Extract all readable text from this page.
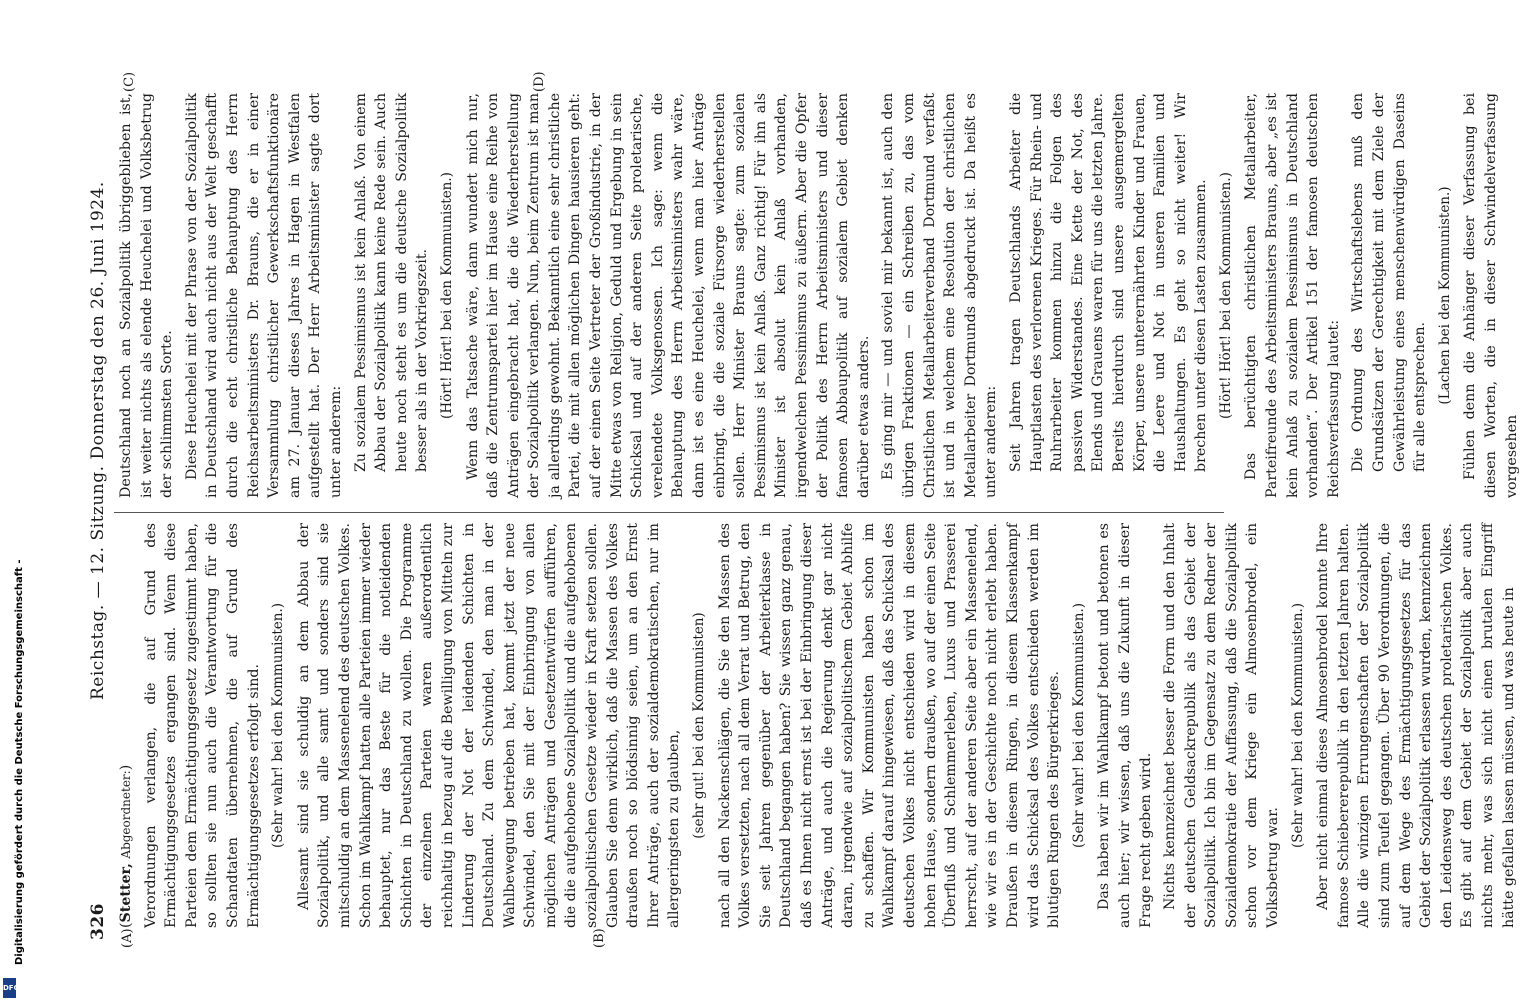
Digitalisierung gefördert durch die Deutsche Forschungsgemeinschaft -
DFG
326
Reichstag. — 12. Sitzung. Donnerstag den 26. Juni 1924.
(A)	(B)
(C)	(D)

(Stetter, Abgeordneter:) Verordnungen verlangen, die auf Grund des Ermächtigungsgesetzes ergangen sind. Wenn diese Parteien dem Ermächtigungsgesetz zugestimmt haben, so sollten sie nun auch die Verantwortung für die Schandtaten übernehmen, die auf Grund des Ermächtigungsgesetzes erfolgt sind. (Sehr wahr! bei den Kommunisten.) Allesamt sind sie schuldig an dem Abbau der Sozialpolitik, und alle samt und sonders sind sie mitschuldig an dem Massenelend des deutschen Volkes. Schon im Wahlkampf hatten alle Parteien immer wieder behauptet, nur das Beste für die notleidenden Schichten in Deutschland zu wollen. Die Programme der einzelnen Parteien waren außerordentlich reichhaltig in bezug auf die Bewilligung von Mitteln zur Linderung der Not der leidenden Schichten in Deutschland. Zu dem Schwindel, den man in der Wahlbewegung betrieben hat, kommt jetzt der neue Schwindel, den Sie mit der Einbringung von allen möglichen Anträgen und Gesetzentwürfen aufführen, die die aufgehobene Sozialpolitik und die aufgehobenen sozialpolitischen Gesetze wieder in Kraft setzen sollen. Glauben Sie denn wirklich, daß die Massen des Volkes draußen noch so blödsinnig seien, um an den Ernst Ihrer Anträge, auch der sozialdemokratischen, nur im allergeringsten zu glauben, (sehr gut! bei den Kommunisten) nach all den Nackenschlägen, die Sie den Massen des Volkes versetzten, nach all dem Verrat und Betrug, den Sie seit Jahren gegenüber der Arbeiterklasse in Deutschland begangen haben? Sie wissen ganz genau, daß es Ihnen nicht ernst ist bei der Einbringung dieser Anträge, und auch die Regierung denkt gar nicht daran, irgendwie auf sozialpolitischem Gebiet Abhilfe zu schaffen. Wir Kommunisten haben schon im Wahlkampf darauf hingewiesen, daß das Schicksal des deutschen Volkes nicht entschieden wird in diesem hohen Hause, sondern draußen, wo auf der einen Seite Überfluß und Schlemmerleben, Luxus und Prasserei herrscht, auf der anderen Seite aber ein Massenelend, wie wir es in der Geschichte noch nicht erlebt haben. Draußen in diesem Ringen, in diesem Klassenkampf wird das Schicksal des Volkes entschieden werden im blutigen Ringen des Bürgerkrieges. (Sehr wahr! bei den Kommunisten.) Das haben wir im Wahlkampf betont und betonen es auch hier; wir wissen, daß uns die Zukunft in dieser Frage recht geben wird. Nichts kennzeichnet besser die Form und den Inhalt der deutschen Geldsackrepublik als das Gebiet der Sozialpolitik. Ich bin im Gegensatz zu dem Redner der Sozialdemokratie der Auffassung, daß die Sozialpolitik schon vor dem Kriege ein Almosenbrodel, ein Volksbetrug war.

(Sehr wahr! bei den Kommunisten.) Aber nicht einmal dieses Almosenbrodel konnte Ihre famose Schiebererepublik in den letzten Jahren halten. Alle die winzigen Errungenschaften der Sozialpolitik sind zum Teufel gegangen. Über 90 Verordnungen, die auf dem Wege des Ermächtigungsgesetzes für das Gebiet der Sozialpolitik erlassen wurden, kennzeichnen den Leidensweg des deutschen proletarischen Volkes. Es gibt auf dem Gebiet der Sozialpolitik aber auch nichts mehr, was sich nicht einen brutalen Eingriff hätte gefallen lassen müssen, und was heute in

Deutschland noch an Sozialpolitik übriggeblieben ist, ist weiter nichts als elende Heuchelei und Volksbetrug der schlimmsten Sorte. Diese Heuchelei mit der Phrase von der Sozialpolitik in Deutschland wird auch nicht aus der Welt geschafft durch die echt christliche Behauptung des Herrn Reichsarbeitsministers Dr. Brauns, die er in einer Versammlung christlicher Gewerkschaftsfunktionäre am 27. Januar dieses Jahres in Hagen in Westfalen aufgestellt hat. Der Herr Arbeitsminister sagte dort unter anderem: Zu sozialem Pessimismus ist kein Anlaß. Von einem Abbau der Sozialpolitik kann keine Rede sein. Auch heute noch steht es um die deutsche Sozialpolitik besser als in der Vorkriegszeit. (Hört! Hört! bei den Kommunisten.) Wenn das Tatsache wäre, dann wundert mich nur, daß die Zentrumspartei hier im Hause eine Reihe von Anträgen eingebracht hat, die die Wiederherstellung der Sozialpolitik verlangen. Nun, beim Zentrum ist man ja allerdings gewohnt. Bekanntlich eine sehr christliche Partei, die mit allen möglichen Dingen hausieren geht: auf der einen Seite Vertreter der Großindustrie, in der Mitte etwas von Religion, Geduld und Ergebung in sein Schicksal und auf der anderen Seite proletarische, verelendete Volksgenossen. Ich sage: wenn die Behauptung des Herrn Arbeitsministers wahr wäre, dann ist es eine Heuchelei, wenn man hier Anträge einbringt, die die soziale Fürsorge wiederherstellen sollen. Herr Minister Brauns sagte: zum sozialen Pessimismus ist kein Anlaß. Ganz richtig! Für ihn als Minister ist absolut kein Anlaß vorhanden, irgendwelchen Pessimismus zu äußern. Aber die Opfer der Politik des Herrn Arbeitsministers und dieser famosen Abbaupolitik auf sozialem Gebiet denken darüber etwas anders. Es ging mir — und soviel mir bekannt ist, auch den übrigen Fraktionen — ein Schreiben zu, das vom Christlichen Metallarbeiterverband Dortmund verfaßt ist und in welchem eine Resolution der christlichen Metallarbeiter Dortmunds abgedruckt ist. Da heißt es unter anderem: Seit Jahren tragen Deutschlands Arbeiter die Hauptlasten des verlorenen Krieges. Für Rhein- und Ruhrarbeiter kommen hinzu die Folgen des passiven Widerstandes. Eine Kette der Not, des Elends und Grauens waren für uns die letzten Jahre. Bereits hierdurch sind unsere ausgemergelten Körper, unsere unterernährten Kinder und Frauen, die Leere und Not in unseren Familien und Haushaltungen. Es geht so nicht weiter! Wir brechen unter diesen Lasten zusammen. (Hört! Hört! bei den Kommunisten.) Das berüchtigten christlichen Metallarbeiter, Parteifreunde des Arbeitsministers Brauns, aber „es ist kein Anlaß zu sozialem Pessimismus in Deutschland vorhanden“. Der Artikel 151 der famosen deutschen Reichsverfassung lautet: Die Ordnung des Wirtschaftslebens muß den Grundsätzen der Gerechtigkeit mit dem Ziele der Gewährleistung eines menschenwürdigen Daseins für alle entsprechen. (Lachen bei den Kommunisten.) Fühlen denn die Anhänger dieser Verfassung bei diesen Worten, die in dieser Schwindelverfassung vorgesehen
